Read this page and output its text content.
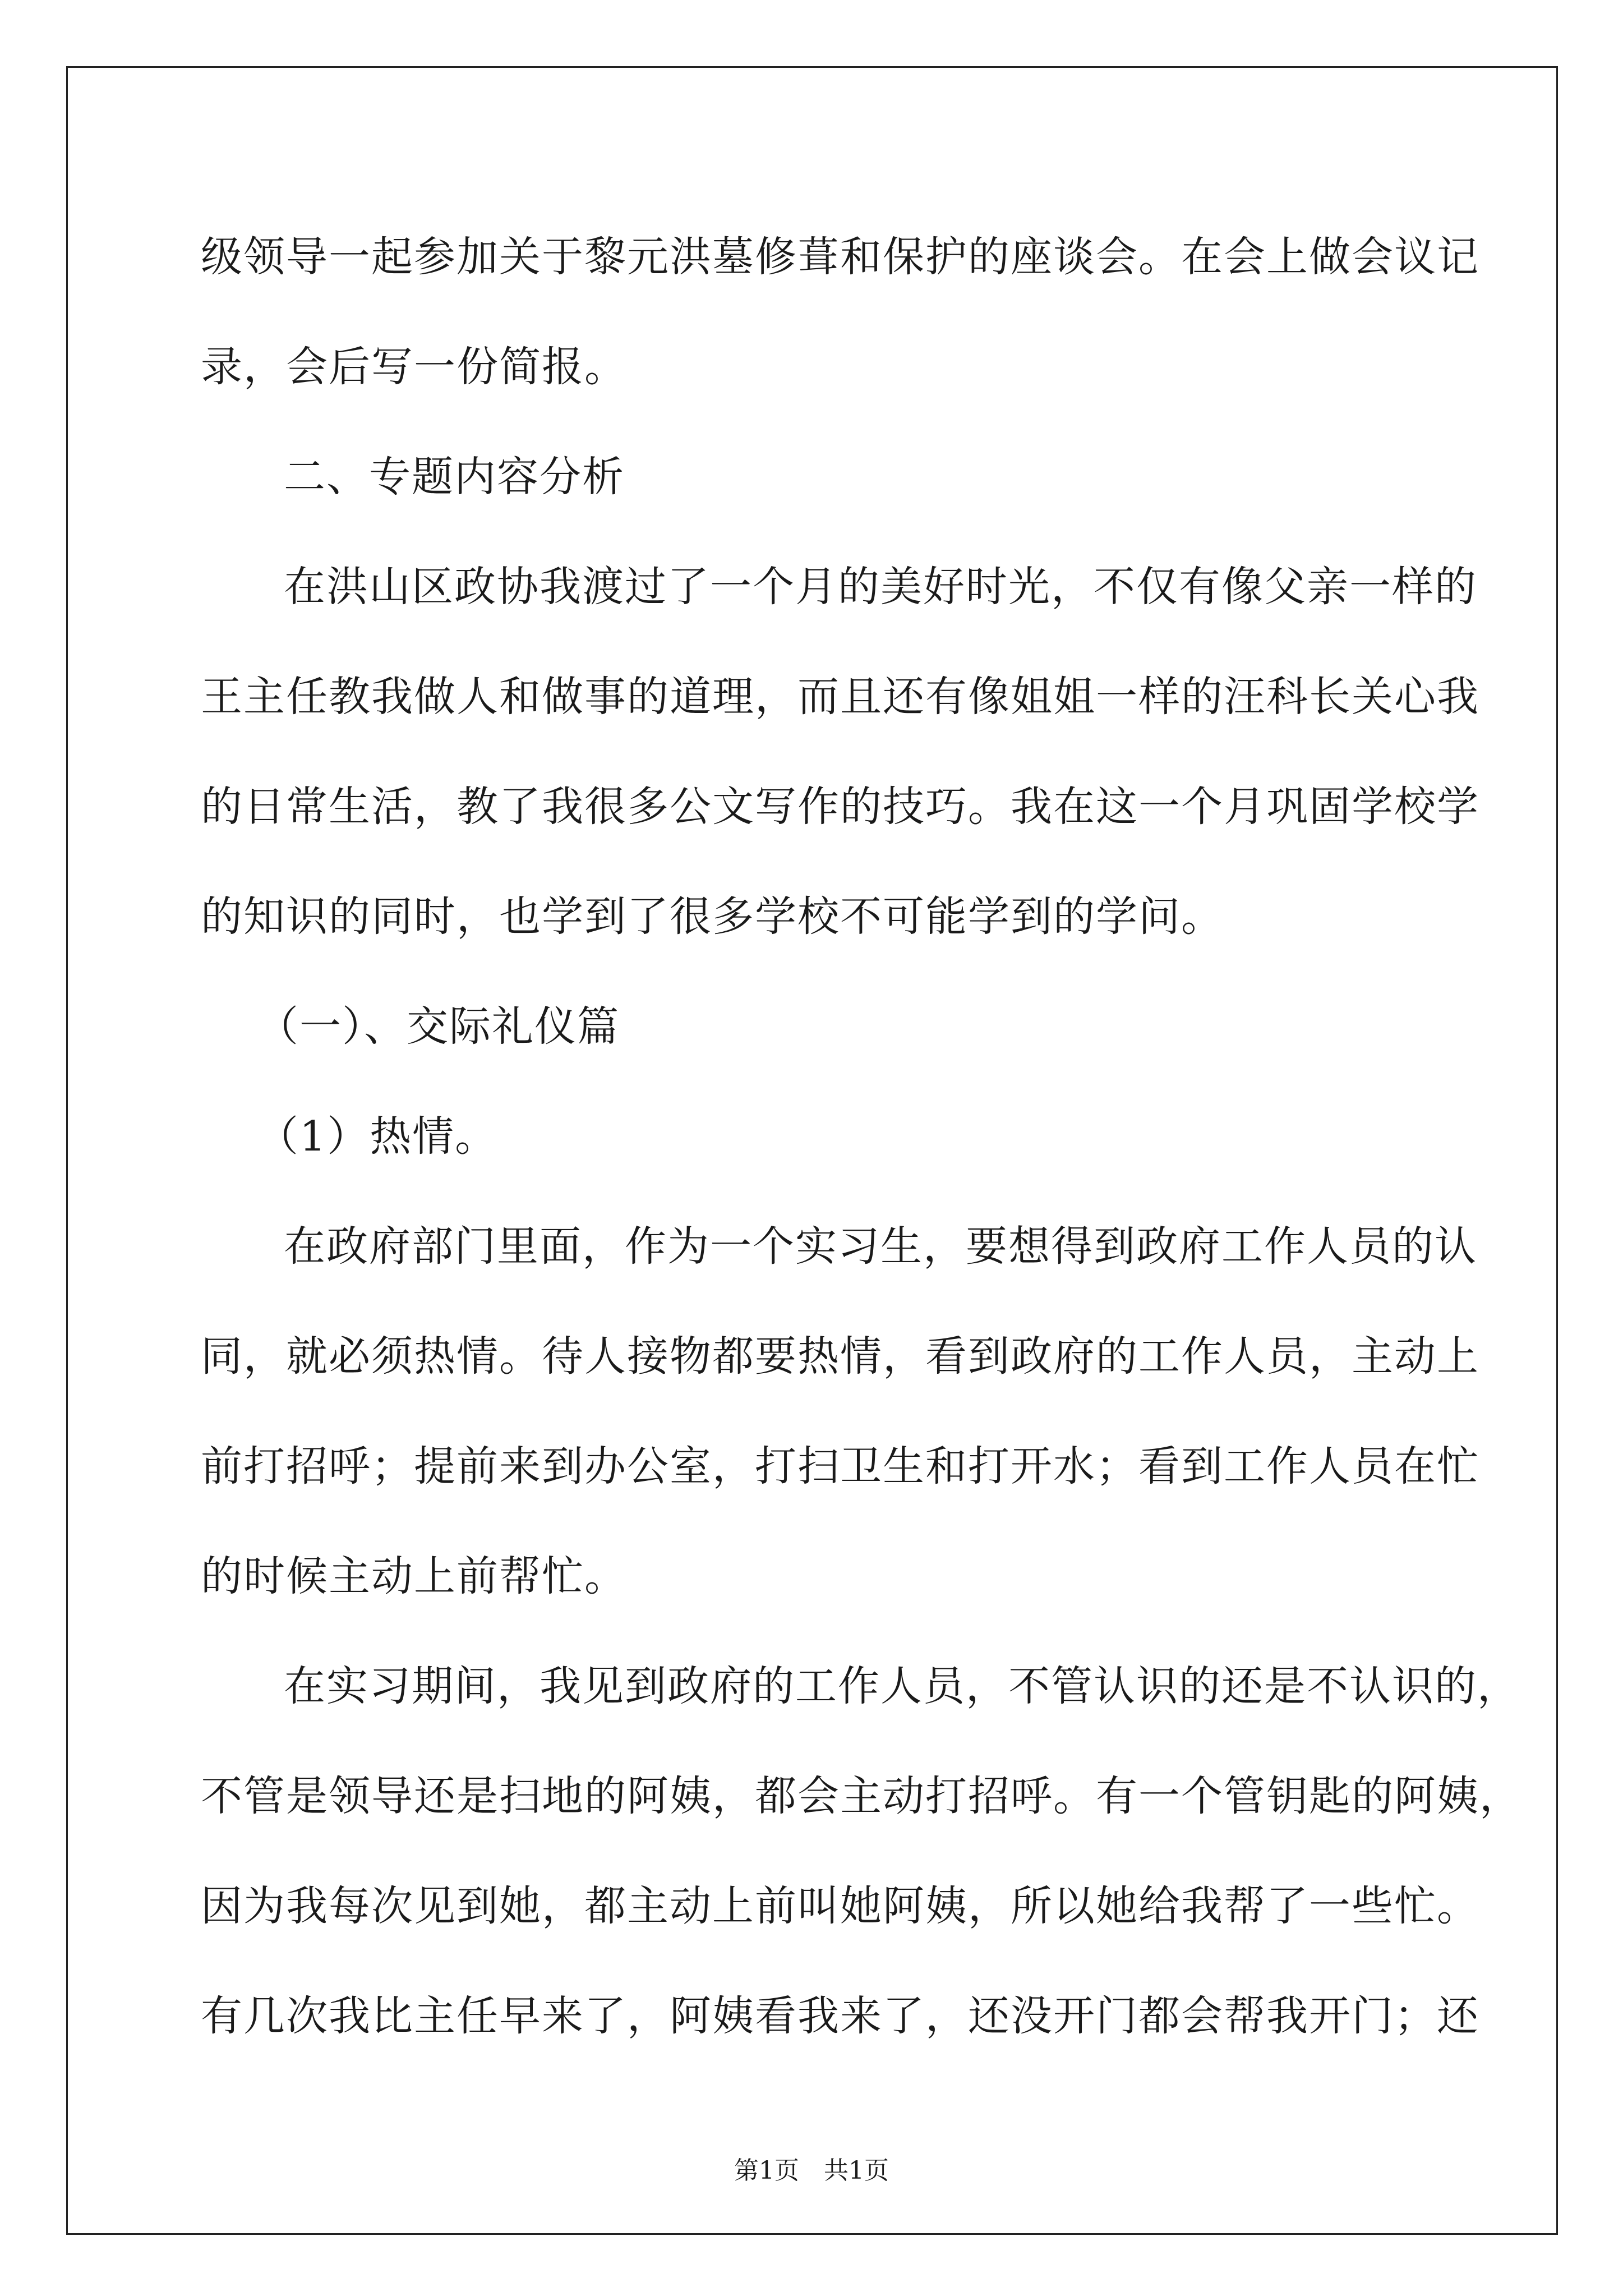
级领导一起参加关于黎元洪墓修葺和保护的座谈会。在会上做会议记
录，会后写一份简报。
二、专题内容分析
在洪山区政协我渡过了一个月的美好时光，不仅有像父亲一样的
王主任教我做人和做事的道理，而且还有像姐姐一样的汪科长关心我
的日常生活，教了我很多公文写作的技巧。我在这一个月巩固学校学
的知识的同时，也学到了很多学校不可能学到的学问。
（一）、交际礼仪篇
（1）热情。
在政府部门里面，作为一个实习生，要想得到政府工作人员的认
同，就必须热情。待人接物都要热情，看到政府的工作人员，主动上
前打招呼；提前来到办公室，打扫卫生和打开水；看到工作人员在忙
的时候主动上前帮忙。
在实习期间，我见到政府的工作人员，不管认识的还是不认识的，
不管是领导还是扫地的阿姨，都会主动打招呼。有一个管钥匙的阿姨，
因为我每次见到她，都主动上前叫她阿姨，所以她给我帮了一些忙。
有几次我比主任早来了，阿姨看我来了，还没开门都会帮我开门；还
第1页　共1页
